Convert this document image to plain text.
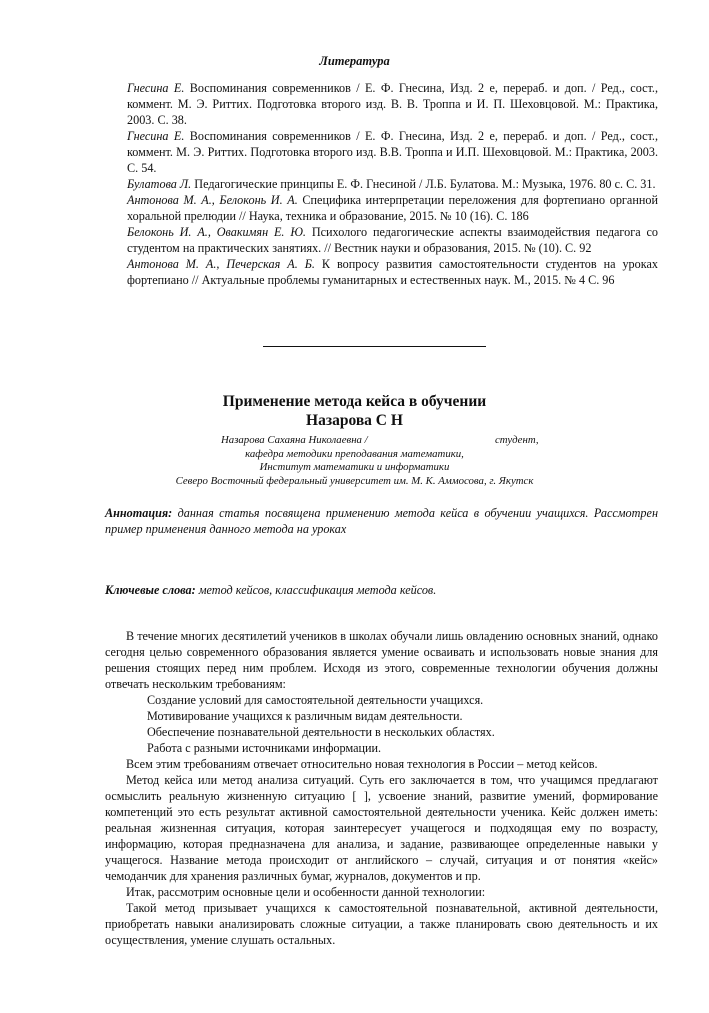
Литература
Гнесина Е. Воспоминания современников / Е. Ф. Гнесина, Изд. 2 е, перераб. и доп. / Ред., сост., коммент. М. Э. Риттих. Подготовка второго изд. В. В. Троппа и И. П. Шеховцовой. М.: Практика, 2003. С. 38.
Гнесина Е. Воспоминания современников / Е. Ф. Гнесина, Изд. 2 е, перераб. и доп. / Ред., сост., коммент. М. Э. Риттих. Подготовка второго изд. В.В. Троппа и И.П. Шеховцовой. М.: Практика, 2003. С. 54.
Булатова Л. Педагогические принципы Е. Ф. Гнесиной / Л.Б. Булатова. М.: Музыка, 1976. 80 с. С. 31.
Антонова М. А., Белоконь И. А. Специфика интерпретации переложения для фортепиано органной хоральной прелюдии // Наука, техника и образование, 2015. № 10 (16). С. 186
Белоконь И. А., Овакимян Е. Ю. Психолого педагогические аспекты взаимодействия педагога со студентом на практических занятиях. // Вестник науки и образования, 2015. № (10). С. 92
Антонова М. А., Печерская А. Б. К вопросу развития самостоятельности студентов на уроках фортепиано // Актуальные проблемы гуманитарных и естественных наук. М., 2015. № 4 С. 96
Применение метода кейса в обучении
Назарова С Н
Назарова Сахаяна Николаевна /	студент,
кафедра методики преподавания математики,
Институт математики и информатики
Северо Восточный федеральный университет им. М. К. Аммосова, г. Якутск
Аннотация: данная статья посвящена применению метода кейса в обучении учащихся. Рассмотрен пример применения данного метода на уроках
Ключевые слова: метод кейсов, классификация метода кейсов.
В течение многих десятилетий учеников в школах обучали лишь овладению основных знаний, однако сегодня целью современного образования является умение осваивать и использовать новые знания для решения стоящих перед ним проблем. Исходя из этого, современные технологии обучения должны отвечать нескольким требованиям:
Создание условий для самостоятельной деятельности учащихся.
Мотивирование учащихся к различным видам деятельности.
Обеспечение познавательной деятельности в нескольких областях.
Работа с разными источниками информации.
Всем этим требованиям отвечает относительно новая технология в России – метод кейсов.
Метод кейса или метод анализа ситуаций. Суть его заключается в том, что учащимся предлагают осмыслить реальную жизненную ситуацию [ ], усвоение знаний, развитие умений, формирование компетенций это есть результат активной самостоятельной деятельности ученика. Кейс должен иметь: реальная жизненная ситуация, которая заинтересует учащегося и подходящая ему по возрасту, информацию, которая предназначена для анализа, и задание, развивающее определенные навыки у учащегося. Название метода происходит от английского – случай, ситуация и от понятия «кейс» чемоданчик для хранения различных бумаг, журналов, документов и пр.
Итак, рассмотрим основные цели и особенности данной технологии:
Такой метод призывает учащихся к самостоятельной познавательной, активной деятельности, приобретать навыки анализировать сложные ситуации, а также планировать свою деятельность и их осуществления, умение слушать остальных.
